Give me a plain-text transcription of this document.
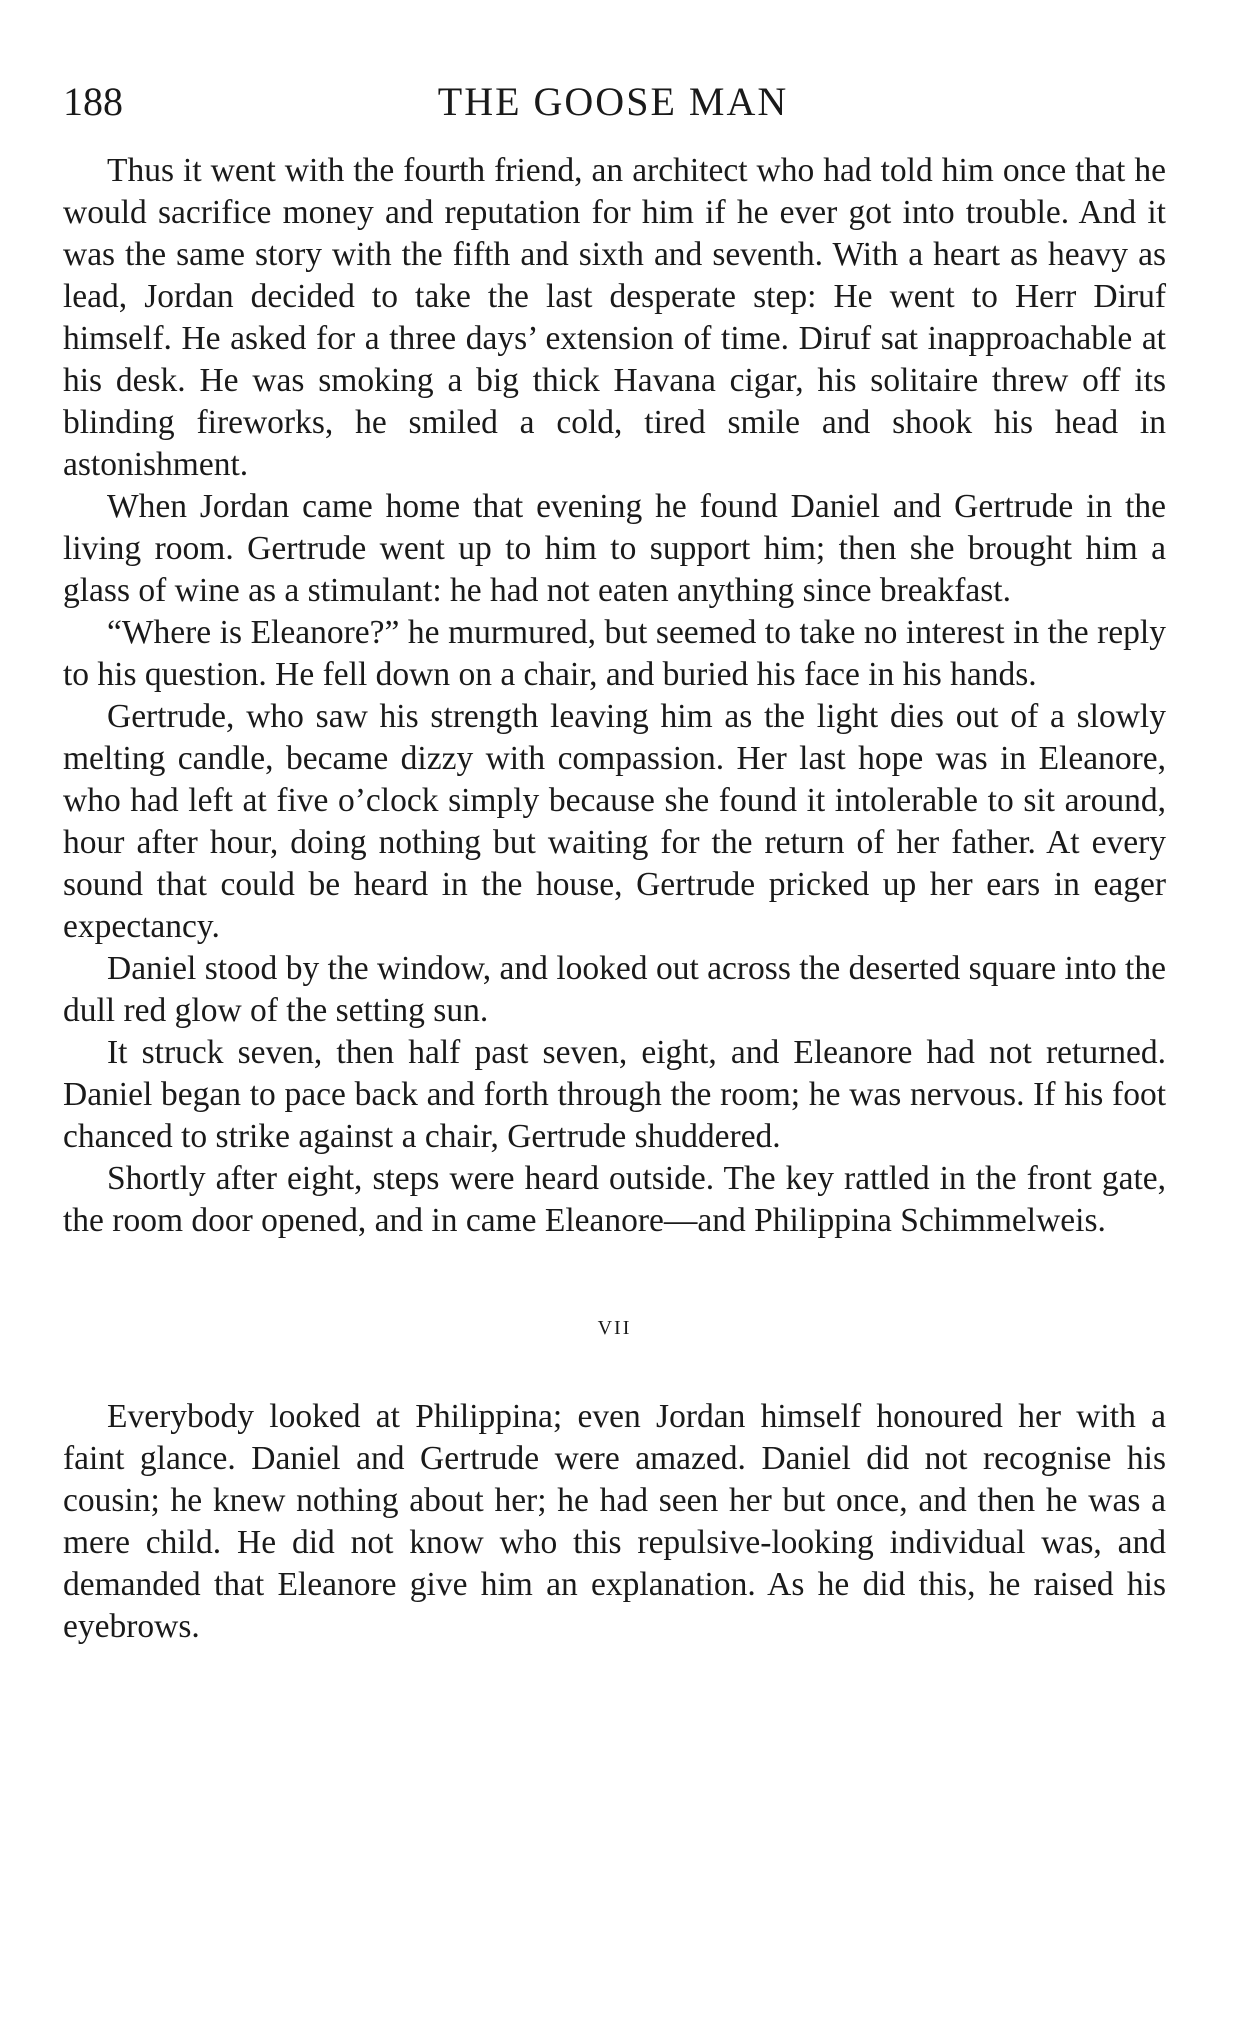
188	THE GOOSE MAN

Thus it went with the fourth friend, an architect who had told him once that he would sacrifice money and reputation for him if he ever got into trouble. And it was the same story with the fifth and sixth and seventh. With a heart as heavy as lead, Jordan decided to take the last desperate step: He went to Herr Diruf himself. He asked for a three days’ extension of time. Diruf sat inapproachable at his desk. He was smoking a big thick Havana cigar, his solitaire threw off its blinding fireworks, he smiled a cold, tired smile and shook his head in astonishment.

When Jordan came home that evening he found Daniel and Gertrude in the living room. Gertrude went up to him to support him; then she brought him a glass of wine as a stimulant: he had not eaten anything since breakfast.

“Where is Eleanore?” he murmured, but seemed to take no interest in the reply to his question. He fell down on a chair, and buried his face in his hands.

Gertrude, who saw his strength leaving him as the light dies out of a slowly melting candle, became dizzy with compassion. Her last hope was in Eleanore, who had left at five o’clock simply because she found it intolerable to sit around, hour after hour, doing nothing but waiting for the return of her father. At every sound that could be heard in the house, Gertrude pricked up her ears in eager expectancy.

Daniel stood by the window, and looked out across the deserted square into the dull red glow of the setting sun.

It struck seven, then half past seven, eight, and Eleanore had not returned. Daniel began to pace back and forth through the room; he was nervous. If his foot chanced to strike against a chair, Gertrude shuddered.

Shortly after eight, steps were heard outside. The key rattled in the front gate, the room door opened, and in came Eleanore—and Philippina Schimmelweis.

VII

Everybody looked at Philippina; even Jordan himself honoured her with a faint glance. Daniel and Gertrude were amazed. Daniel did not recognise his cousin; he knew nothing about her; he had seen her but once, and then he was a mere child. He did not know who this repulsive-looking individual was, and demanded that Eleanore give him an explanation. As he did this, he raised his eyebrows.
